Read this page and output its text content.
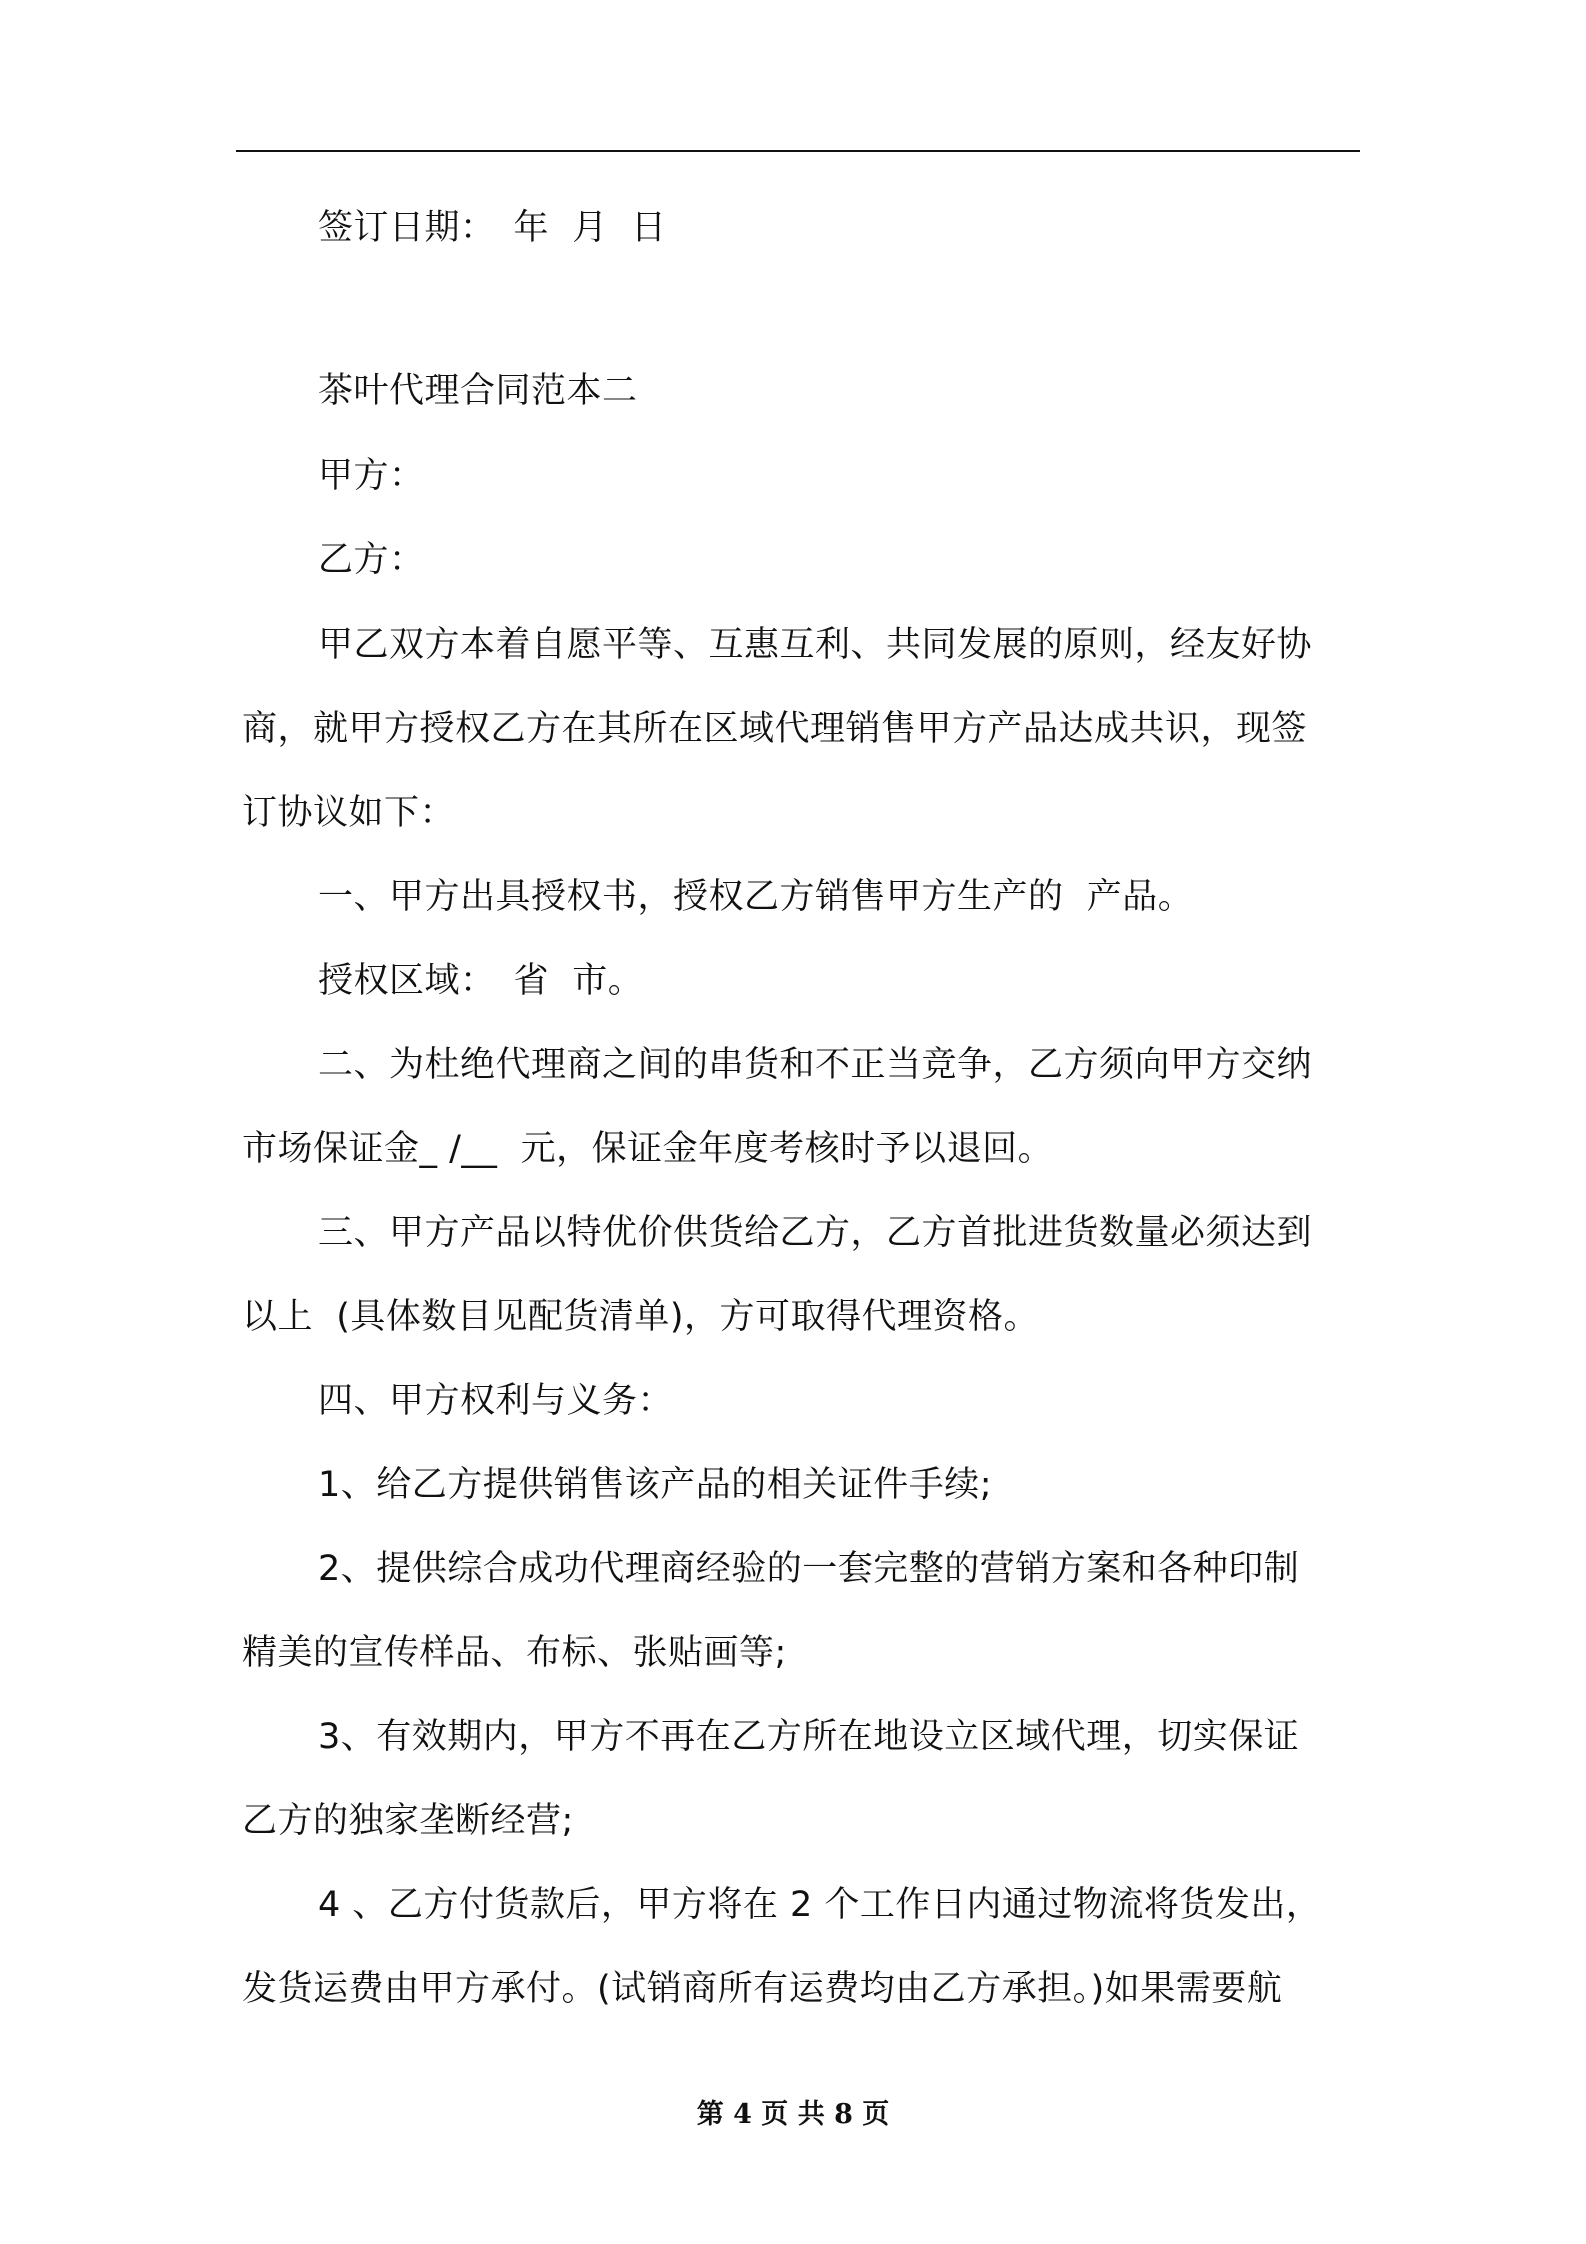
签订日期：　年  月  日
茶叶代理合同范本二
甲方：
乙方：
甲乙双方本着自愿平等、互惠互利、共同发展的原则，经友好协
商，就甲方授权乙方在其所在区域代理销售甲方产品达成共识，现签
订协议如下：
一、甲方出具授权书，授权乙方销售甲方生产的  产品。
授权区域：　省  市。
二、为杜绝代理商之间的串货和不正当竞争，乙方须向甲方交纳
市场保证金_ /__  元，保证金年度考核时予以退回。
三、甲方产品以特优价供货给乙方，乙方首批进货数量必须达到
以上  (具体数目见配货清单)，方可取得代理资格。
四、甲方权利与义务：
1、给乙方提供销售该产品的相关证件手续;
2、提供综合成功代理商经验的一套完整的营销方案和各种印制
精美的宣传样品、布标、张贴画等;
3、有效期内，甲方不再在乙方所在地设立区域代理，切实保证
乙方的独家垄断经营;
4 、乙方付货款后，甲方将在 2 个工作日内通过物流将货发出，
发货运费由甲方承付。(试销商所有运费均由乙方承担。)如果需要航
第 4 页 共 8 页
